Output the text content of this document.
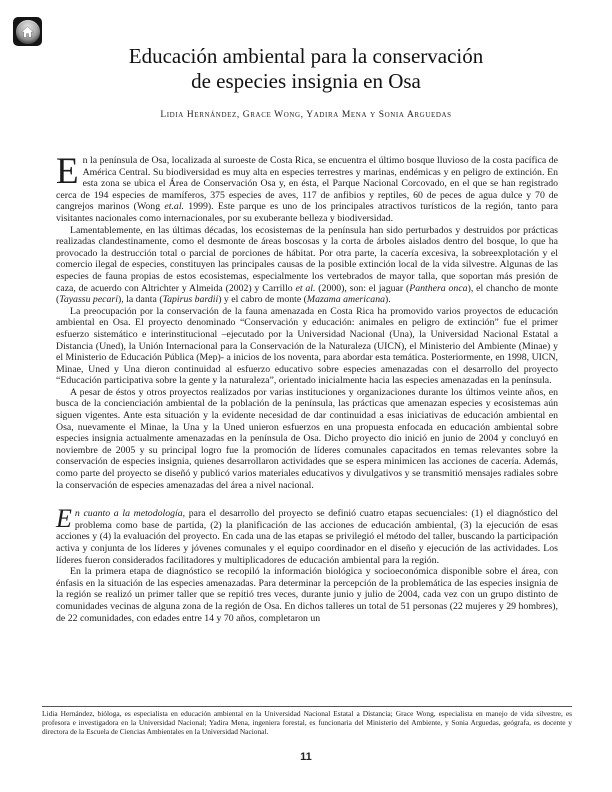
Educación ambiental para la conservación
de especies insignia en Osa
Lidia Hernández, Grace Wong, Yadira Mena y Sonia Arguedas

En la península de Osa, localizada al suroeste de Costa Rica, se encuentra el último bosque lluvioso de la costa pacífica de América Central. Su biodiversidad es muy alta en especies terrestres y marinas, endémicas y en peligro de extinción. En esta zona se ubica el Área de Conservación Osa y, en ésta, el Parque Nacional Corcovado, en el que se han registrado cerca de 194 especies de mamíferos, 375 especies de aves, 117 de anfibios y reptiles, 60 de peces de agua dulce y 70 de cangrejos marinos (Wong et.al. 1999). Este parque es uno de los principales atractivos turísticos de la región, tanto para visitantes nacionales como internacionales, por su exuberante belleza y biodiversidad.

Lamentablemente, en las últimas décadas, los ecosistemas de la península han sido perturbados y destruidos por prácticas realizadas clandestinamente, como el desmonte de áreas boscosas y la corta de árboles aislados dentro del bosque, lo que ha provocado la destrucción total o parcial de porciones de hábitat. Por otra parte, la cacería excesiva, la sobreexplotación y el comercio ilegal de especies, constituyen las principales causas de la posible extinción local de la vida silvestre. Algunas de las especies de fauna propias de estos ecosistemas, especialmente los vertebrados de mayor talla, que soportan más presión de caza, de acuerdo con Altrichter y Almeida (2002) y Carrillo et al. (2000), son: el jaguar (Panthera onca), el chancho de monte (Tayassu pecari), la danta (Tapirus bardii) y el cabro de monte (Mazama americana).

La preocupación por la conservación de la fauna amenazada en Costa Rica ha promovido varios proyectos de educación ambiental en Osa. El proyecto denominado “Conservación y educación: animales en peligro de extinción” fue el primer esfuerzo sistemático e interinstitucional –ejecutado por la Universidad Nacional (Una), la Universidad Nacional Estatal a Distancia (Uned), la Unión Internacional para la Conservación de la Naturaleza (UICN), el Ministerio del Ambiente (Minae) y el Ministerio de Educación Pública (Mep)- a inicios de los noventa, para abordar esta temática. Posteriormente, en 1998, UICN, Minae, Uned y Una dieron continuidad al esfuerzo educativo sobre especies amenazadas con el desarrollo del proyecto “Educación participativa sobre la gente y la naturaleza”, orientado inicialmente hacia las especies amenazadas en la península.

A pesar de éstos y otros proyectos realizados por varias instituciones y organizaciones durante los últimos veinte años, en busca de la concienciación ambiental de la población de la península, las prácticas que amenazan especies y ecosistemas aún siguen vigentes. Ante esta situación y la evidente necesidad de dar continuidad a esas iniciativas de educación ambiental en Osa, nuevamente el Minae, la Una y la Uned unieron esfuerzos en una propuesta enfocada en educación ambiental sobre especies insignia actualmente amenazadas en la península de Osa. Dicho proyecto dio inició en junio de 2004 y concluyó en noviembre de 2005 y su principal logro fue la promoción de líderes comunales capacitados en temas relevantes sobre la conservación de especies insignia, quienes desarrollaron actividades que se espera minimicen las acciones de cacería. Además, como parte del proyecto se diseñó y publicó varios materiales educativos y divulgativos y se transmitió mensajes radiales sobre la conservación de especies amenazadas del área a nivel nacional.

En cuanto a la metodología, para el desarrollo del proyecto se definió cuatro etapas secuenciales: (1) el diagnóstico del problema como base de partida, (2) la planificación de las acciones de educación ambiental, (3) la ejecución de esas acciones y (4) la evaluación del proyecto. En cada una de las etapas se privilegió el método del taller, buscando la participación activa y conjunta de los líderes y jóvenes comunales y el equipo coordinador en el diseño y ejecución de las actividades. Los líderes fueron considerados facilitadores y multiplicadores de educación ambiental para la región.

En la primera etapa de diagnóstico se recopiló la información biológica y socioeconómica disponible sobre el área, con énfasis en la situación de las especies amenazadas. Para determinar la percepción de la problemática de las especies insignia de la región se realizó un primer taller que se repitió tres veces, durante junio y julio de 2004, cada vez con un grupo distinto de comunidades vecinas de alguna zona de la región de Osa. En dichos talleres un total de 51 personas (22 mujeres y 29 hombres), de 22 comunidades, con edades entre 14 y 70 años, completaron un

Lidia Hernández, bióloga, es especialista en educación ambiental en la Universidad Nacional Estatal a Distancia; Grace Wong, especialista en manejo de vida silvestre, es profesora e investigadora en la Universidad Nacional; Yadira Mena, ingeniera forestal, es funcionaria del Ministerio del Ambiente, y Sonia Arguedas, geógrafa, es docente y directora de la Escuela de Ciencias Ambientales en la Universidad Nacional.
11
